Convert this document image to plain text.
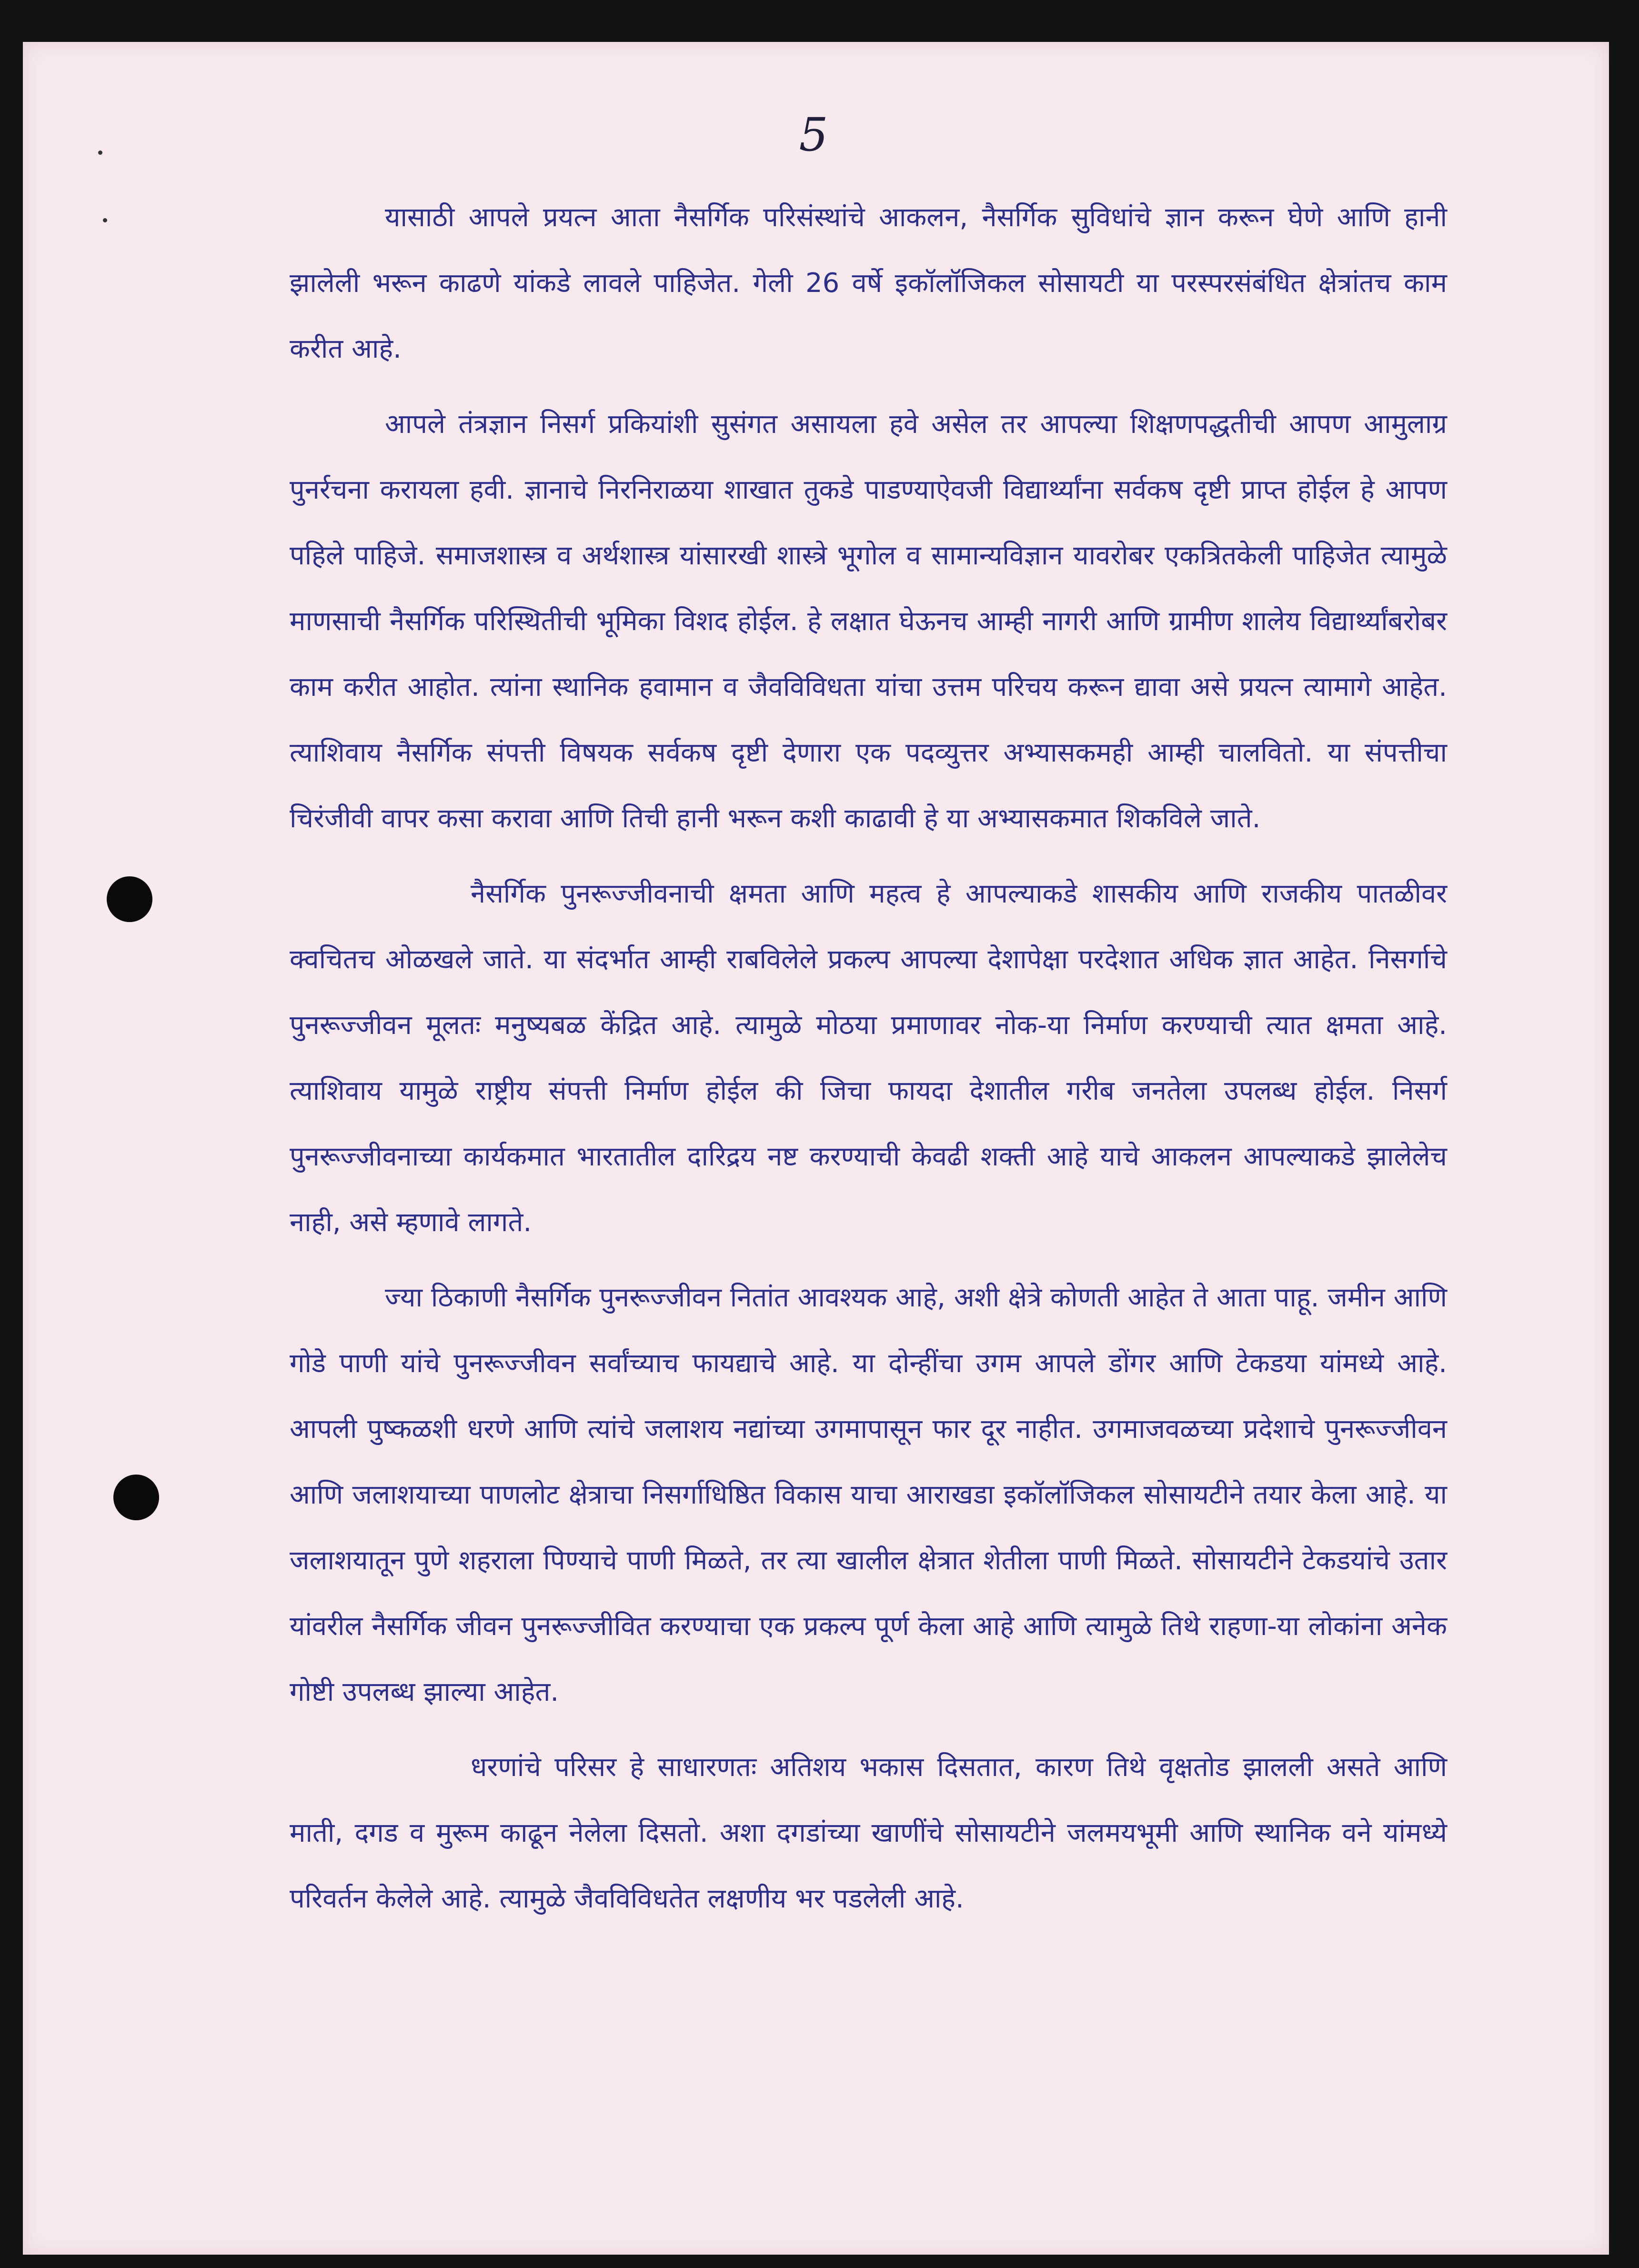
5

यासाठी आपले प्रयत्न आता नैसर्गिक परिसंस्थांचे आकलन, नैसर्गिक सुविधांचे ज्ञान करून घेणे आणि हानी झालेली भरून काढणे यांकडे लावले पाहिजेत. गेली 26 वर्षे इकॉलॉजिकल सोसायटी या परस्परसंबंधित क्षेत्रांतच काम करीत आहे.

आपले तंत्रज्ञान निसर्ग प्रकियांशी सुसंगत असायला हवे असेल तर आपल्या शिक्षणपद्धतीची आपण आमुलाग्र पुनर्रचना करायला हवी. ज्ञानाचे निरनिराळया शाखात तुकडे पाडण्याऐवजी विद्यार्थ्यांना सर्वकष दृष्टी प्राप्त होईल हे आपण पहिले पाहिजे. समाजशास्त्र व अर्थशास्त्र यांसारखी शास्त्रे भूगोल व सामान्यविज्ञान यावरोबर एकत्रितकेली पाहिजेत त्यामुळे माणसाची नैसर्गिक परिस्थितीची भूमिका विशद होईल. हे लक्षात घेऊनच आम्ही नागरी आणि ग्रामीण शालेय विद्यार्थ्यांबरोबर काम करीत आहोत. त्यांना स्थानिक हवामान व जैवविविधता यांचा उत्तम परिचय करून द्यावा असे प्रयत्न त्यामागे आहेत. त्याशिवाय नैसर्गिक संपत्ती विषयक सर्वकष दृष्टी देणारा एक पदव्युत्तर अभ्यासकमही आम्ही चालवितो. या संपत्तीचा चिरंजीवी वापर कसा करावा आणि तिची हानी भरून कशी काढावी हे या अभ्यासकमात शिकविले जाते.

नैसर्गिक पुनरूज्जीवनाची क्षमता आणि महत्व हे आपल्याकडे शासकीय आणि राजकीय पातळीवर क्वचितच ओळखले जाते. या संदर्भात आम्ही राबविलेले प्रकल्प आपल्या देशापेक्षा परदेशात अधिक ज्ञात आहेत. निसर्गाचे पुनरूज्जीवन मूलतः मनुष्यबळ केंद्रित आहे. त्यामुळे मोठया प्रमाणावर नोक-या निर्माण करण्याची त्यात क्षमता आहे. त्याशिवाय यामुळे राष्ट्रीय संपत्ती निर्माण होईल की जिचा फायदा देशातील गरीब जनतेला उपलब्ध होईल. निसर्ग पुनरूज्जीवनाच्या कार्यकमात भारतातील दारिद्रय नष्ट करण्याची केवढी शक्ती आहे याचे आकलन आपल्याकडे झालेलेच नाही, असे म्हणावे लागते.

ज्या ठिकाणी नैसर्गिक पुनरूज्जीवन नितांत आवश्यक आहे, अशी क्षेत्रे कोणती आहेत ते आता पाहू. जमीन आणि गोडे पाणी यांचे पुनरूज्जीवन सर्वांच्याच फायद्याचे आहे. या दोन्हींचा उगम आपले डोंगर आणि टेकडया यांमध्ये आहे. आपली पुष्कळशी धरणे आणि त्यांचे जलाशय नद्यांच्या उगमापासून फार दूर नाहीत. उगमाजवळच्या प्रदेशाचे पुनरूज्जीवन आणि जलाशयाच्या पाणलोट क्षेत्राचा निसर्गाधिष्ठित विकास याचा आराखडा इकॉलॉजिकल सोसायटीने तयार केला आहे. या जलाशयातून पुणे शहराला पिण्याचे पाणी मिळते, तर त्या खालील क्षेत्रात शेतीला पाणी मिळते. सोसायटीने टेकडयांचे उतार यांवरील नैसर्गिक जीवन पुनरूज्जीवित करण्याचा एक प्रकल्प पूर्ण केला आहे आणि त्यामुळे तिथे राहणा-या लोकांना अनेक गोष्टी उपलब्ध झाल्या आहेत.

धरणांचे परिसर हे साधारणतः अतिशय भकास दिसतात, कारण तिथे वृक्षतोड झालली असते आणि माती, दगड व मुरूम काढून नेलेला दिसतो. अशा दगडांच्या खाणींचे सोसायटीने जलमयभूमी आणि स्थानिक वने यांमध्ये परिवर्तन केलेले आहे. त्यामुळे जैवविविधतेत लक्षणीय भर पडलेली आहे.
